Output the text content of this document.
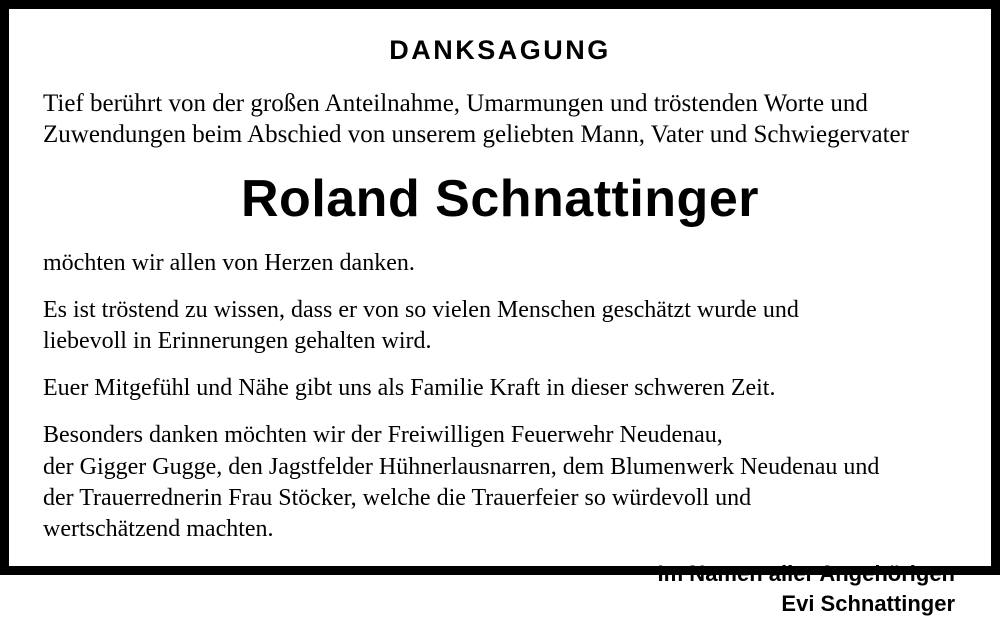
DANKSAGUNG
Tief berührt von der großen Anteilnahme, Umarmungen und tröstenden Worte und
Zuwendungen beim Abschied von unserem geliebten Mann, Vater und Schwiegervater
Roland Schnattinger
möchten wir allen von Herzen danken.
Es ist tröstend zu wissen, dass er von so vielen Menschen geschätzt wurde und
liebevoll in Erinnerungen gehalten wird.
Euer Mitgefühl und Nähe gibt uns als Familie Kraft in dieser schweren Zeit.
Besonders danken möchten wir der Freiwilligen Feuerwehr Neudenau,
der Gigger Gugge, den Jagstfelder Hühnerlausnarren, dem Blumenwerk Neudenau und
der Trauerrednerin Frau Stöcker, welche die Trauerfeier so würdevoll und
wertschätzend machten.
Im Namen aller Angehörigen
Evi Schnattinger
